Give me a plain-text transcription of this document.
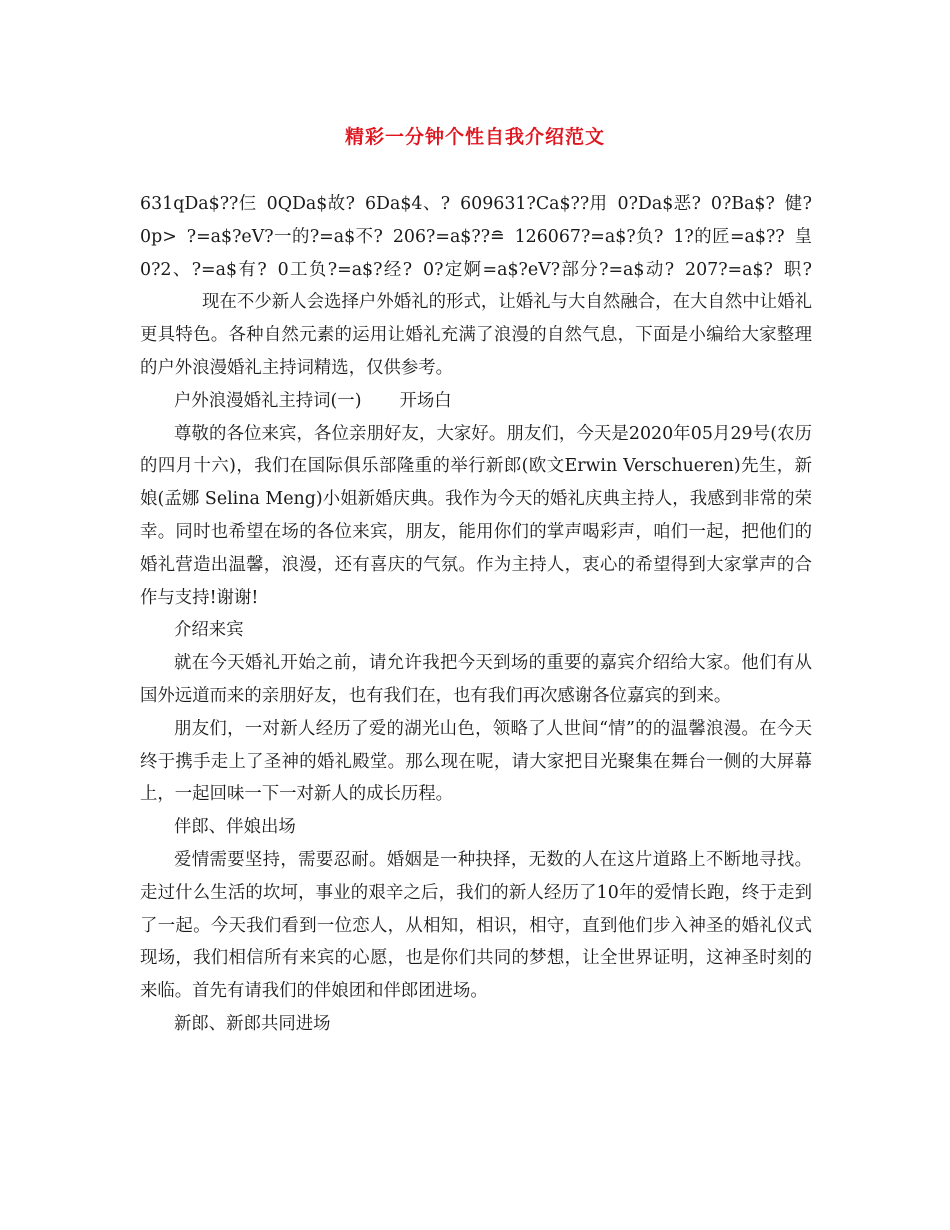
精彩一分钟个性自我介绍范文
631qDa$??仨 0QDa$故? 6Da$4、? 609631?Ca$??用 0?Da$恶? 0?Ba$? 健? 0p> ?=a$?eV?一的?=a$不? 206?=a$??≘ 126067?=a$?负? 1?的匠=a$?? 皇 0?2、?=a$有? 0工负?=a$?经? 0?定婀=a$?eV?部分?=a$动? 207?=a$? 职?现在不少新人会选择户外婚礼的形式，让婚礼与大自然融合，在大自然中让婚礼更具特色。各种自然元素的运用让婚礼充满了浪漫的自然气息，下面是小编给大家整理的户外浪漫婚礼主持词精选，仅供参考。
户外浪漫婚礼主持词(一) 开场白
尊敬的各位来宾，各位亲朋好友，大家好。朋友们，今天是2020年05月29号(农历的四月十六)，我们在国际俱乐部隆重的举行新郎(欧文Erwin Verschueren)先生，新娘(孟娜 Selina Meng)小姐新婚庆典。我作为今天的婚礼庆典主持人，我感到非常的荣幸。同时也希望在场的各位来宾，朋友，能用你们的掌声喝彩声，咱们一起，把他们的婚礼营造出温馨，浪漫，还有喜庆的气氛。作为主持人，衷心的希望得到大家掌声的合作与支持!谢谢!
介绍来宾
就在今天婚礼开始之前，请允许我把今天到场的重要的嘉宾介绍给大家。他们有从国外远道而来的亲朋好友，也有我们在，也有我们再次感谢各位嘉宾的到来。
朋友们，一对新人经历了爱的湖光山色，领略了人世间“情”的的温馨浪漫。在今天终于携手走上了圣神的婚礼殿堂。那么现在呢，请大家把目光聚集在舞台一侧的大屏幕上，一起回味一下一对新人的成长历程。
伴郎、伴娘出场
爱情需要坚持，需要忍耐。婚姻是一种抉择，无数的人在这片道路上不断地寻找。走过什么生活的坎坷，事业的艰辛之后，我们的新人经历了10年的爱情长跑，终于走到了一起。今天我们看到一位恋人，从相知，相识，相守，直到他们步入神圣的婚礼仪式现场，我们相信所有来宾的心愿，也是你们共同的梦想，让全世界证明，这神圣时刻的来临。首先有请我们的伴娘团和伴郎团进场。
新郎、新郎共同进场
